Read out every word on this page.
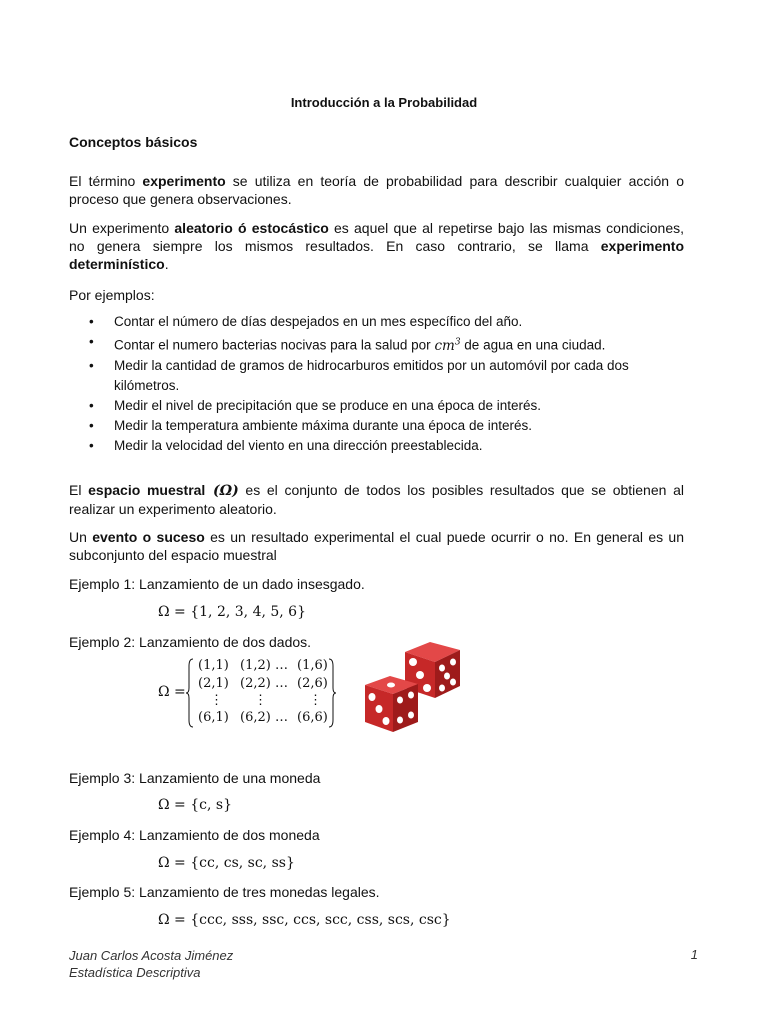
Introducción a la Probabilidad
Conceptos básicos
El término experimento se utiliza en teoría de probabilidad para describir cualquier acción o proceso que genera observaciones.
Un experimento aleatorio ó estocástico es aquel que al repetirse bajo las mismas condiciones, no genera siempre los mismos resultados. En caso contrario, se llama experimento determinístico.
Por ejemplos:
• Contar el número de días despejados en un mes específico del año.
• Contar el numero bacterias nocivas para la salud por $cm^3$ de agua en una ciudad.
• Medir la cantidad de gramos de hidrocarburos emitidos por un automóvil por cada dos kilómetros.
• Medir el nivel de precipitación que se produce en una época de interés.
• Medir la temperatura ambiente máxima durante una época de interés.
• Medir la velocidad del viento en una dirección preestablecida.
El espacio muestral (Ω) es el conjunto de todos los posibles resultados que se obtienen al realizar un experimento aleatorio.
Un evento o suceso es un resultado experimental el cual puede ocurrir o no. En general es un subconjunto del espacio muestral
Ejemplo 1: Lanzamiento de un dado insesgado.
Ω = {1, 2, 3, 4, 5, 6}
Ejemplo 2: Lanzamiento de dos dados.
Ω =
(1,1) (1,2) … (1,6)
(2,1) (2,2) … (2,6)
⋮ ⋮	⋮
(6,1) (6,2) … (6,6)
Ejemplo 3: Lanzamiento de una moneda
Ω = {c, s}
Ejemplo 4: Lanzamiento de dos moneda
Ω = {cc, cs, sc, ss}
Ejemplo 5: Lanzamiento de tres monedas legales.
Ω = {ccc, sss, ssc, ccs, scc, css, scs, csc}
Juan Carlos Acosta Jiménez
Estadística Descriptiva
1
